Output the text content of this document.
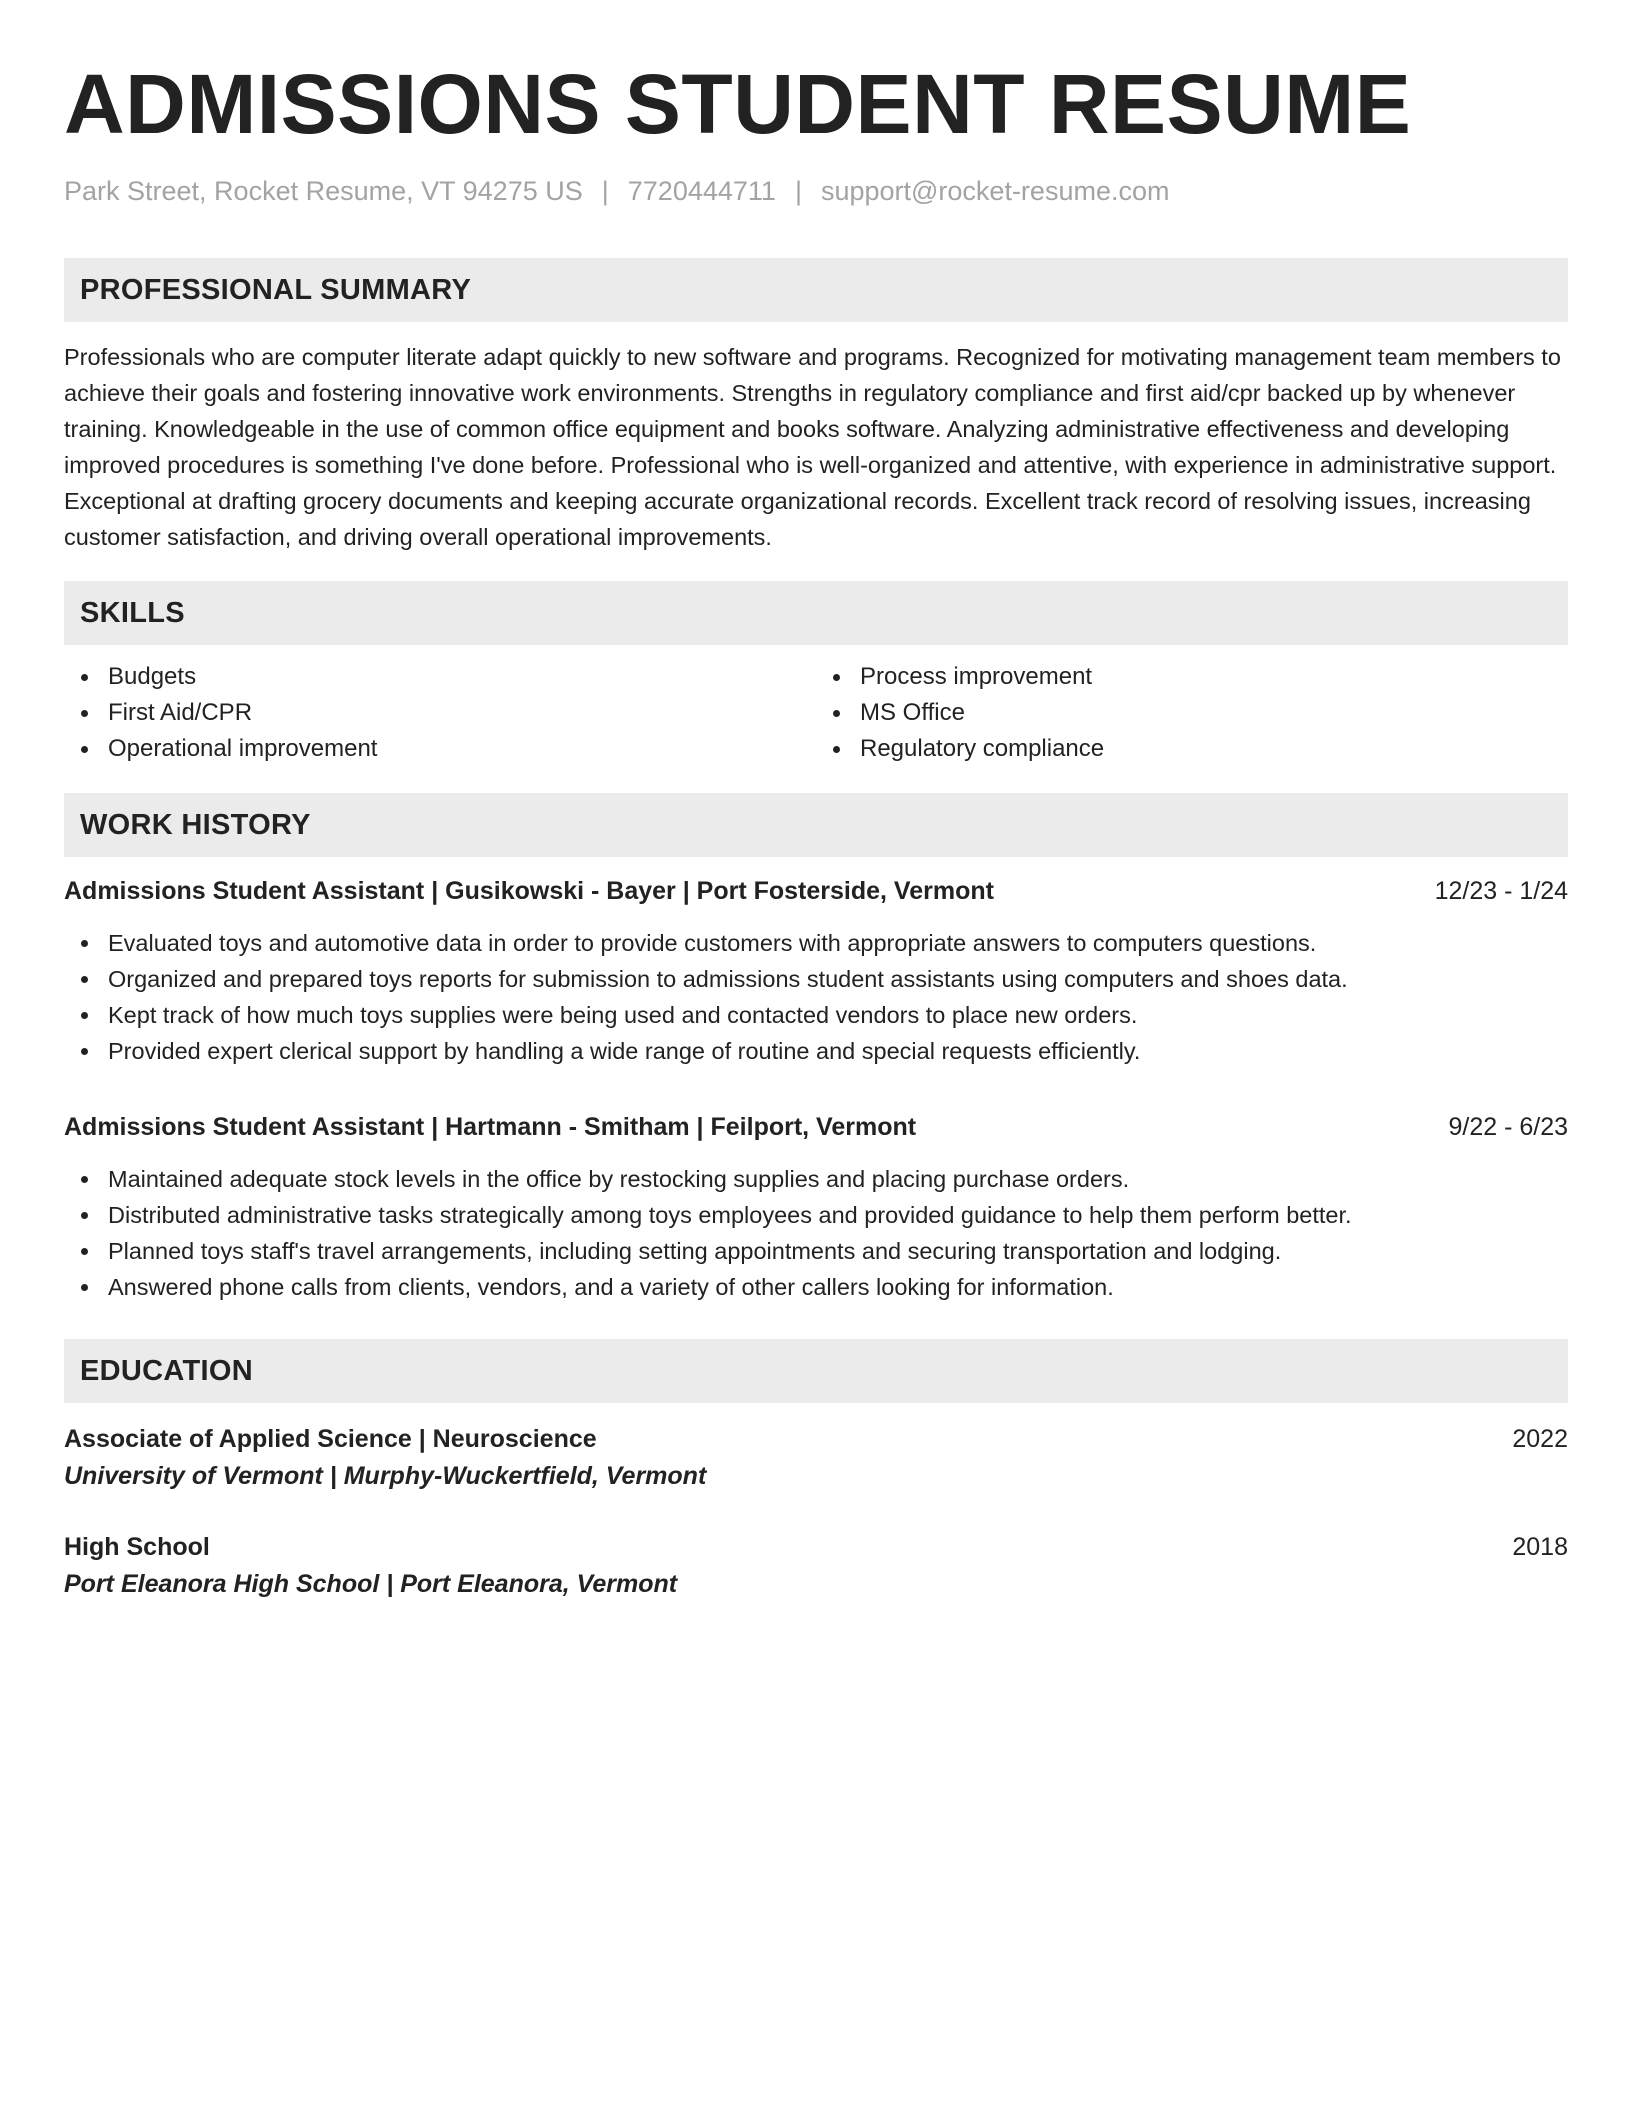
ADMISSIONS STUDENT RESUME
Park Street, Rocket Resume, VT 94275 US | 7720444711 | support@rocket-resume.com
PROFESSIONAL SUMMARY

Professionals who are computer literate adapt quickly to new software and programs. Recognized for motivating management team members to achieve their goals and fostering innovative work environments. Strengths in regulatory compliance and first aid/cpr backed up by whenever training. Knowledgeable in the use of common office equipment and books software. Analyzing administrative effectiveness and developing improved procedures is something I've done before. Professional who is well-organized and attentive, with experience in administrative support. Exceptional at drafting grocery documents and keeping accurate organizational records. Excellent track record of resolving issues, increasing customer satisfaction, and driving overall operational improvements.

SKILLS
Budgets
First Aid/CPR
Operational improvement
Process improvement
MS Office
Regulatory compliance
WORK HISTORY
Admissions Student Assistant | Gusikowski - Bayer | Port Fosterside, Vermont	12/23 - 1/24
Evaluated toys and automotive data in order to provide customers with appropriate answers to computers questions.
Organized and prepared toys reports for submission to admissions student assistants using computers and shoes data.
Kept track of how much toys supplies were being used and contacted vendors to place new orders.
Provided expert clerical support by handling a wide range of routine and special requests efficiently.
Admissions Student Assistant | Hartmann - Smitham | Feilport, Vermont	9/22 - 6/23
Maintained adequate stock levels in the office by restocking supplies and placing purchase orders.
Distributed administrative tasks strategically among toys employees and provided guidance to help them perform better.
Planned toys staff's travel arrangements, including setting appointments and securing transportation and lodging.
Answered phone calls from clients, vendors, and a variety of other callers looking for information.
EDUCATION
Associate of Applied Science | Neuroscience	2022
University of Vermont | Murphy-Wuckertfield, Vermont
High School	2018
Port Eleanora High School | Port Eleanora, Vermont
